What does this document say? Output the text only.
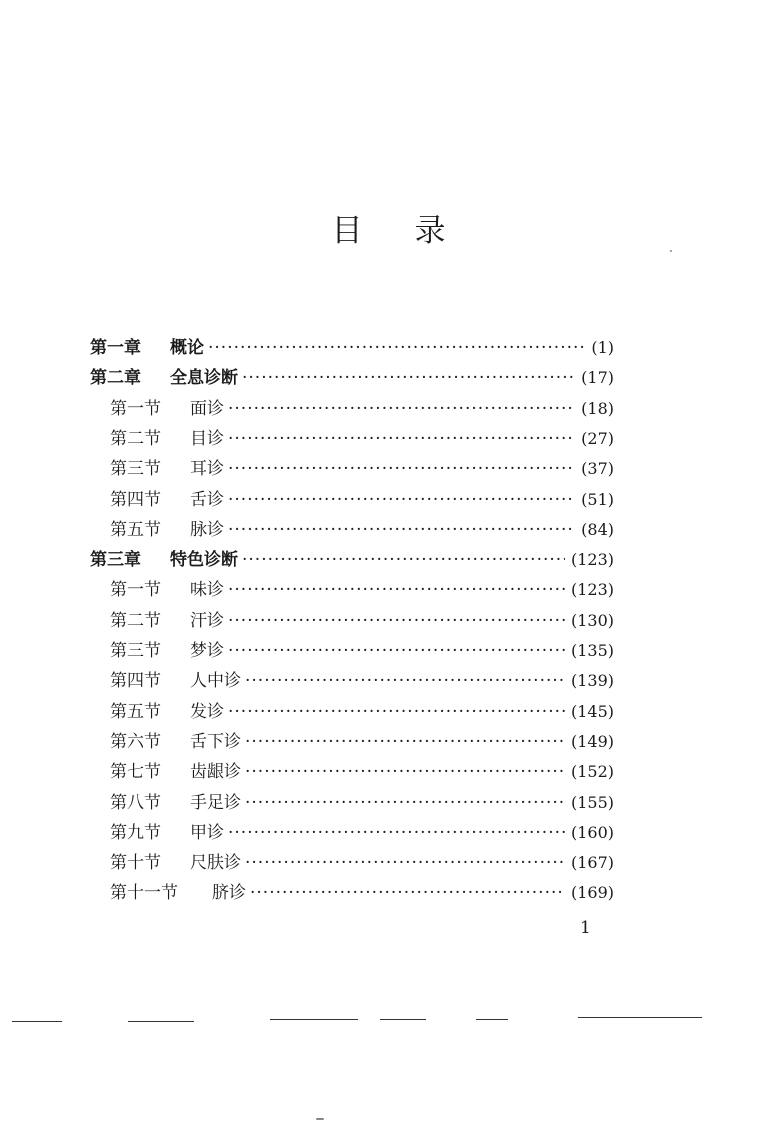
目 录
第一章	概论 ·····	(1)
第二章	全息诊断 ·····	(17)
第一节	面诊 ·····	(18)
第二节	目诊 ·····	(27)
第三节	耳诊 ·····	(37)
第四节	舌诊 ·····	(51)
第五节	脉诊 ·····	(84)
第三章	特色诊断 ·····	(123)
第一节	味诊 ·····	(123)
第二节	汗诊 ·····	(130)
第三节	梦诊 ·····	(135)
第四节	人中诊 ·····	(139)
第五节	发诊 ·····	(145)
第六节	舌下诊 ·····	(149)
第七节	齿龈诊 ·····	(152)
第八节	手足诊 ·····	(155)
第九节	甲诊 ·····	(160)
第十节	尺肤诊 ·····	(167)
第十一节	脐诊 ·····	(169)
1
